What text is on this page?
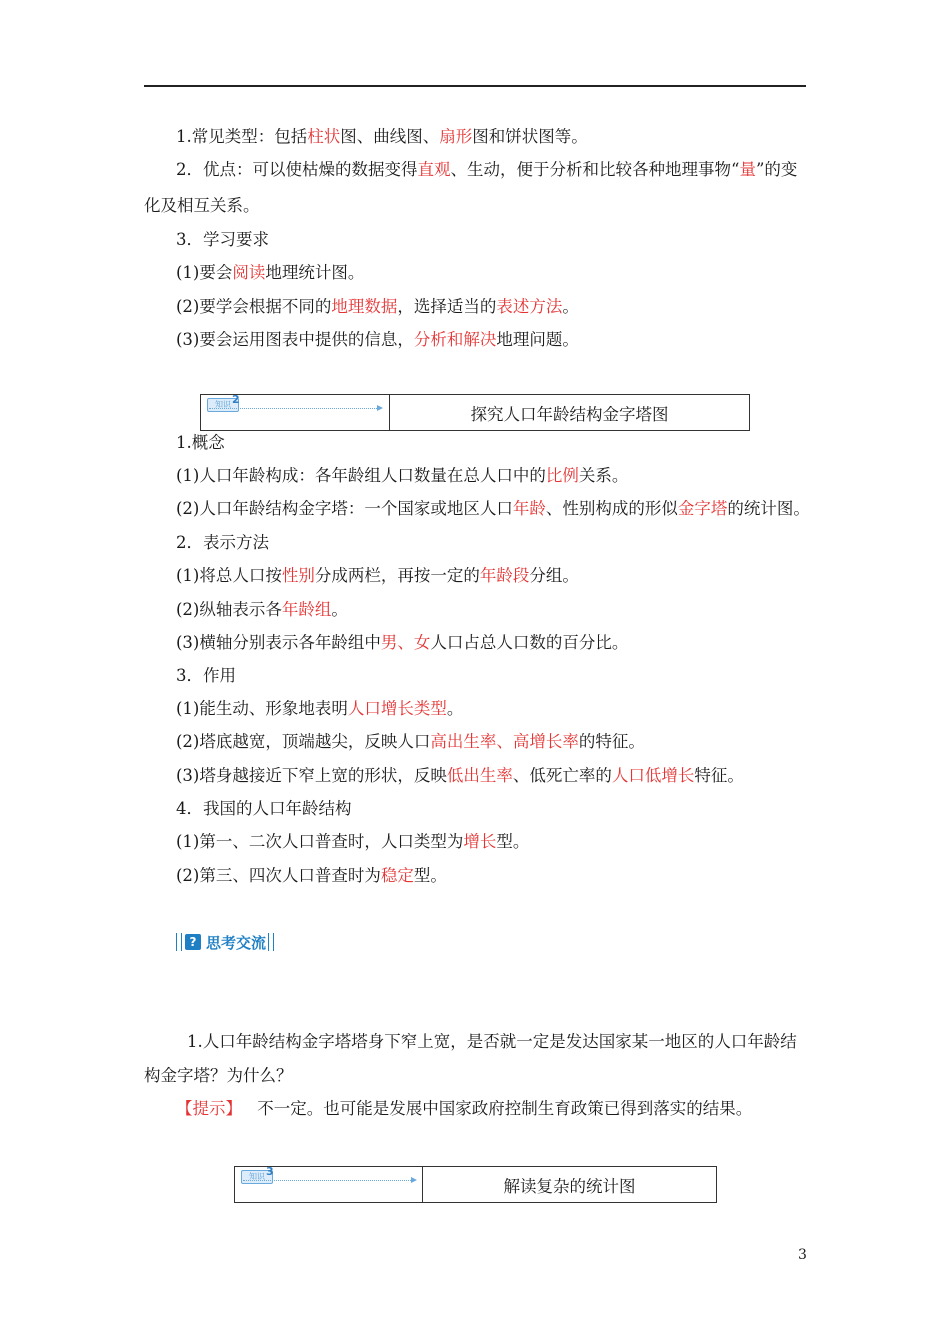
1.常见类型：包括柱状图、曲线图、扇形图和饼状图等。
2．优点：可以使枯燥的数据变得直观、生动，便于分析和比较各种地理事物“量”的变
化及相互关系。
3．学习要求
(1)要会阅读地理统计图。
(2)要学会根据不同的地理数据，选择适当的表述方法。
(3)要会运用图表中提供的信息，分析和解决地理问题。
知识 2
探究人口年龄结构金字塔图
1.概念
(1)人口年龄构成：各年龄组人口数量在总人口中的比例关系。
(2)人口年龄结构金字塔：一个国家或地区人口年龄、性别构成的形似金字塔的统计图。
2．表示方法
(1)将总人口按性别分成两栏，再按一定的年龄段分组。
(2)纵轴表示各年龄组。
(3)横轴分别表示各年龄组中男、女人口占总人口数的百分比。
3．作用
(1)能生动、形象地表明人口增长类型。
(2)塔底越宽，顶端越尖，反映人口高出生率、高增长率的特征。
(3)塔身越接近下窄上宽的形状，反映低出生率、低死亡率的人口低增长特征。
4．我国的人口年龄结构
(1)第一、二次人口普查时，人口类型为增长型。
(2)第三、四次人口普查时为稳定型。
? 思考交流
1.人口年龄结构金字塔塔身下窄上宽，是否就一定是发达国家某一地区的人口年龄结
构金字塔？为什么？
【提示】 不一定。也可能是发展中国家政府控制生育政策已得到落实的结果。
知识 3
解读复杂的统计图
3
